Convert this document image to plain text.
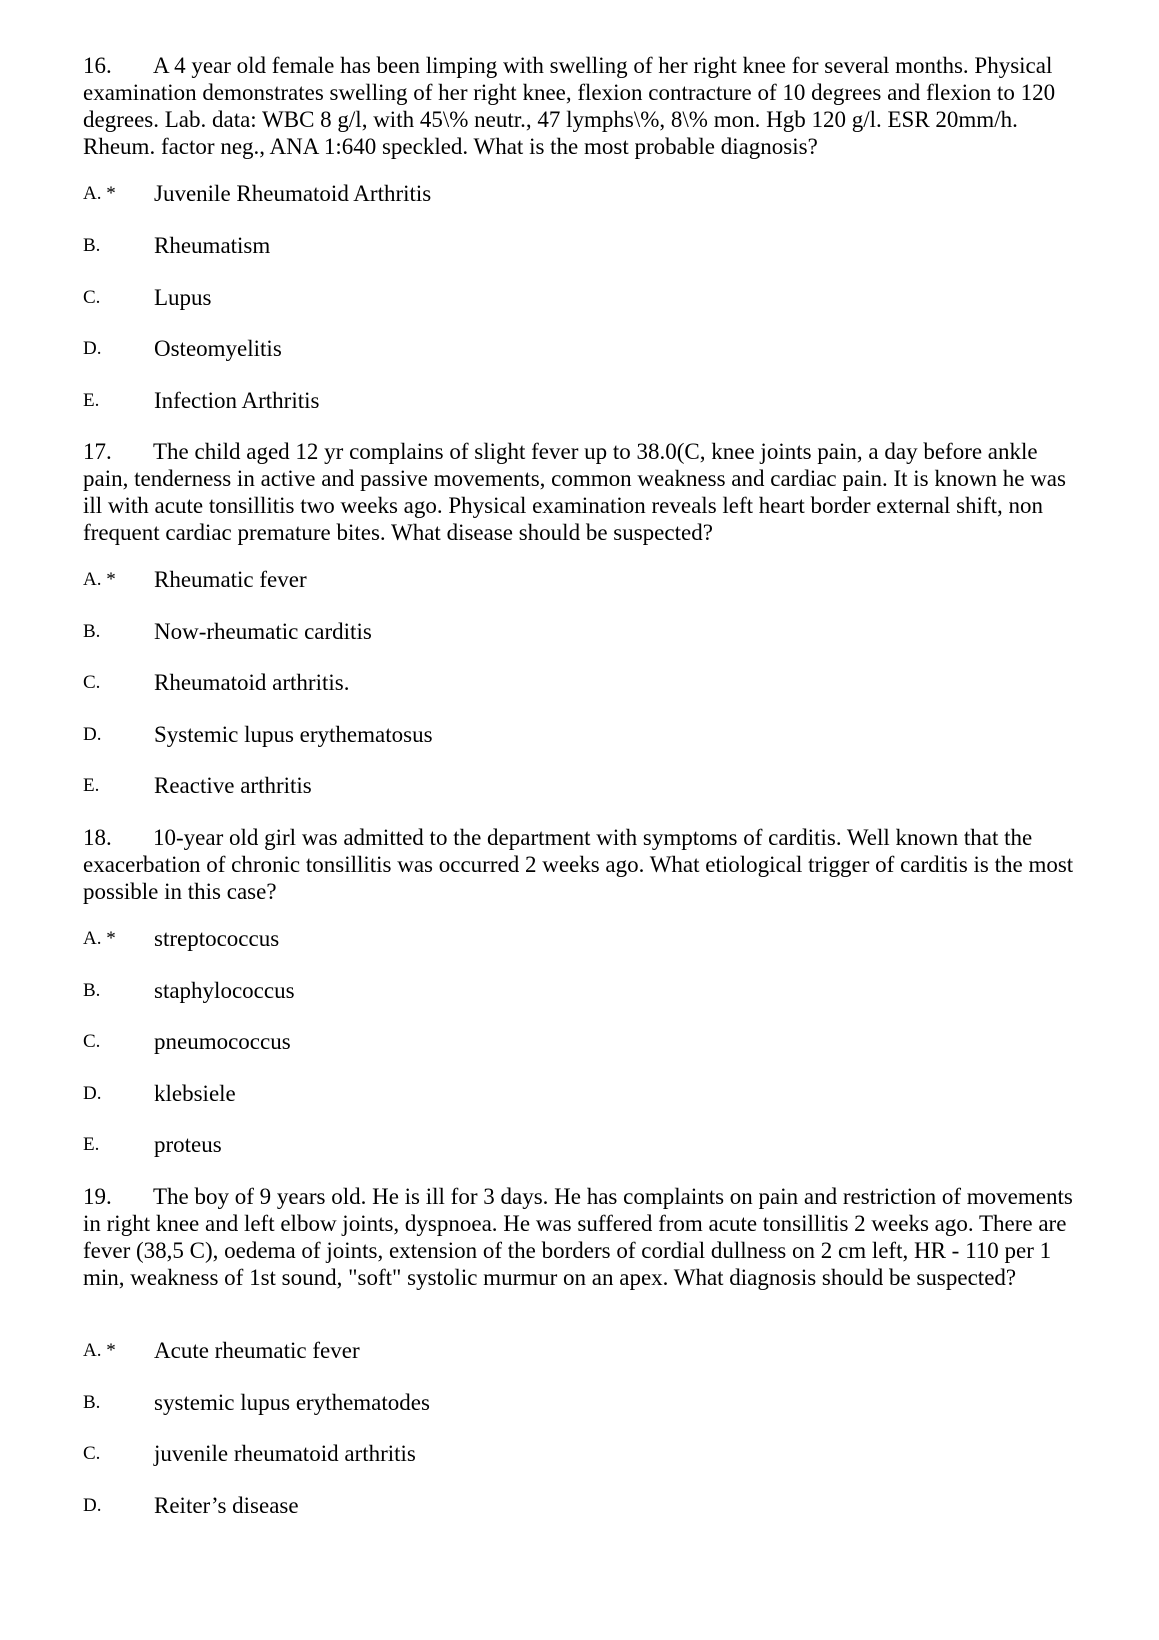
16. A 4 year old female has been limping with swelling of her right knee for several months. Physical examination demonstrates swelling of her right knee, flexion contracture of 10 degrees and flexion to 120 degrees. Lab. data: WBC 8 g/l, with 45\% neutr., 47 lymphs\%, 8\% mon. Hgb 120 g/l. ESR 20mm/h. Rheum. factor neg., ANA 1:640 speckled. What is the most probable diagnosis?

A. * Juvenile Rheumatoid Arthritis
B. Rheumatism
C. Lupus
D. Osteomyelitis
E. Infection Arthritis

17. The child aged 12 yr complains of slight fever up to 38.0(C, knee joints pain, a day before ankle pain, tenderness in active and passive movements, common weakness and cardiac pain. It is known he was ill with acute tonsillitis two weeks ago. Physical examination reveals left heart border external shift, non frequent cardiac premature bites. What disease should be suspected?

A. * Rheumatic fever
B. Now-rheumatic carditis
C. Rheumatoid arthritis.
D. Systemic lupus erythematosus
E. Reactive arthritis

18. 10-year old girl was admitted to the department with symptoms of carditis. Well known that the exacerbation of chronic tonsillitis was occurred 2 weeks ago. What etiological trigger of carditis is the most possible in this case?

A. * streptococcus
B. staphylococcus
C. pneumococcus
D. klebsiele
E. proteus

19. The boy of 9 years old. He is ill for 3 days. He has complaints on pain and restriction of movements in right knee and left elbow joints, dyspnoea. He was suffered from acute tonsillitis 2 weeks ago. There are fever (38,5 C), oedema of joints, extension of the borders of cordial dullness on 2 cm left, HR - 110 per 1 min, weakness of 1st sound, "soft" systolic murmur on an apex. What diagnosis should be suspected?

A. * Acute rheumatic fever
B. systemic lupus erythematodes
C. juvenile rheumatoid arthritis
D. Reiter’s disease
